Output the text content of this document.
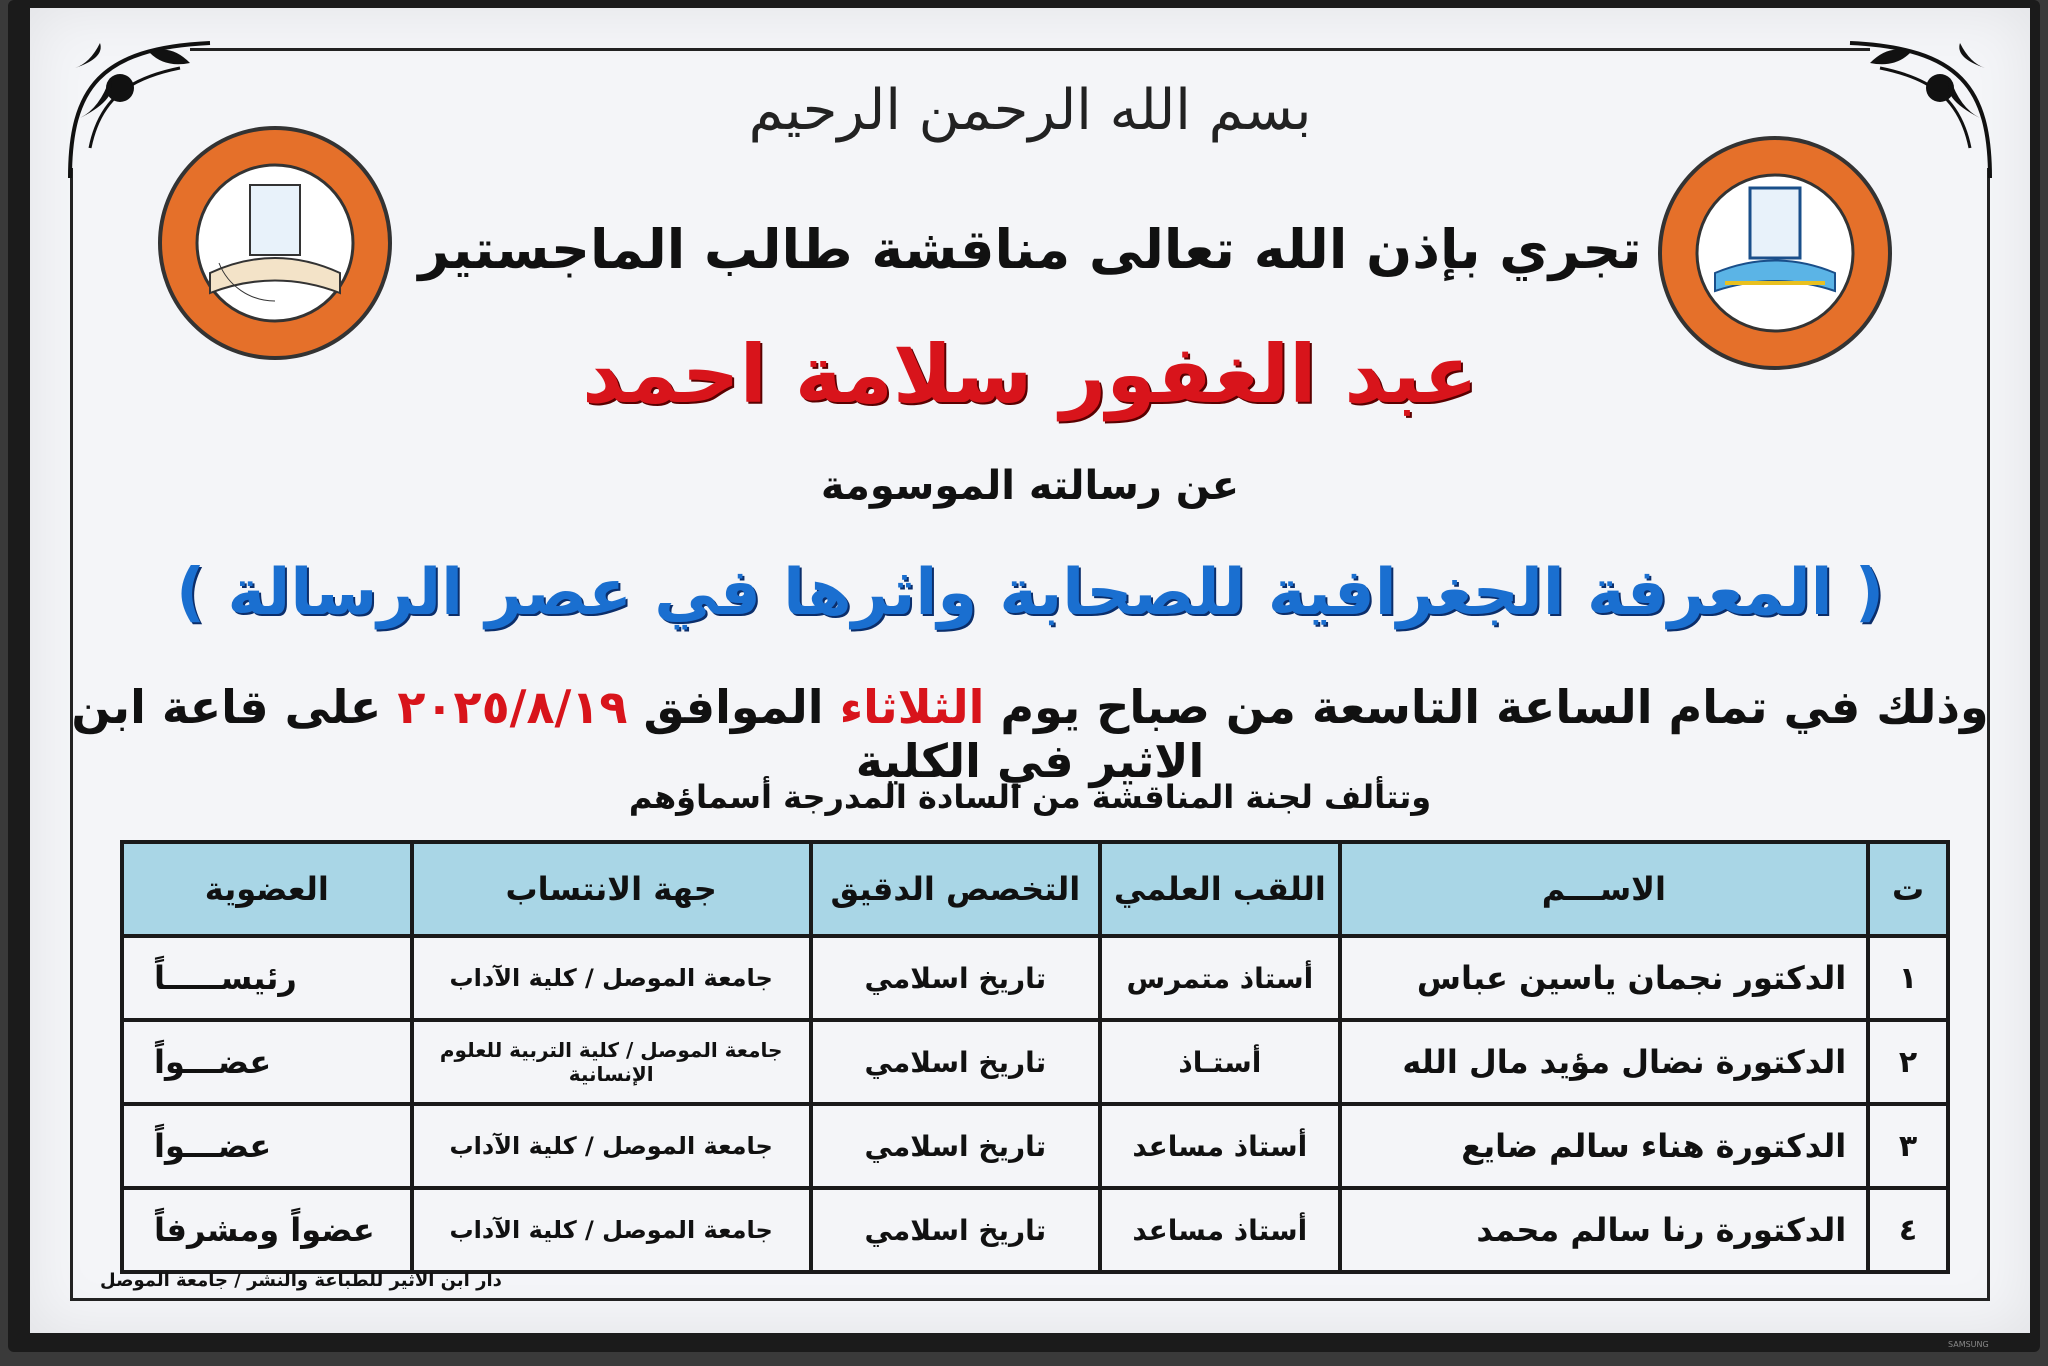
بسم الله الرحمن الرحيم
تجري بإذن الله تعالى مناقشة طالب الماجستير
عبد الغفور سلامة احمد
عن رسالته الموسومة
( المعرفة الجغرافية للصحابة واثرها في عصر الرسالة )
وذلك في تمام الساعة التاسعة من صباح يوم الثلاثاء الموافق ٢٠٢٥/٨/١٩ على قاعة ابن الاثير في الكلية
وتتألف لجنة المناقشة من السادة المدرجة أسماؤهم
ت	الاســـم	اللقب العلمي	التخصص الدقيق	جهة الانتساب	العضوية
١	الدكتور نجمان ياسين عباس	أستاذ متمرس	تاريخ اسلامي	جامعة الموصل / كلية الآداب	رئيســـــاً
٢	الدكتورة نضال مؤيد مال الله	أستـاذ	تاريخ اسلامي	جامعة الموصل / كلية التربية للعلوم الإنسانية	عضـــواً
٣	الدكتورة هناء سالم ضايع	أستاذ مساعد	تاريخ اسلامي	جامعة الموصل / كلية الآداب	عضـــواً
٤	الدكتورة رنا سالم محمد	أستاذ مساعد	تاريخ اسلامي	جامعة الموصل / كلية الآداب	عضواً ومشرفاً
دار ابن الاثير للطباعة والنشر / جامعة الموصل
SAMSUNG
